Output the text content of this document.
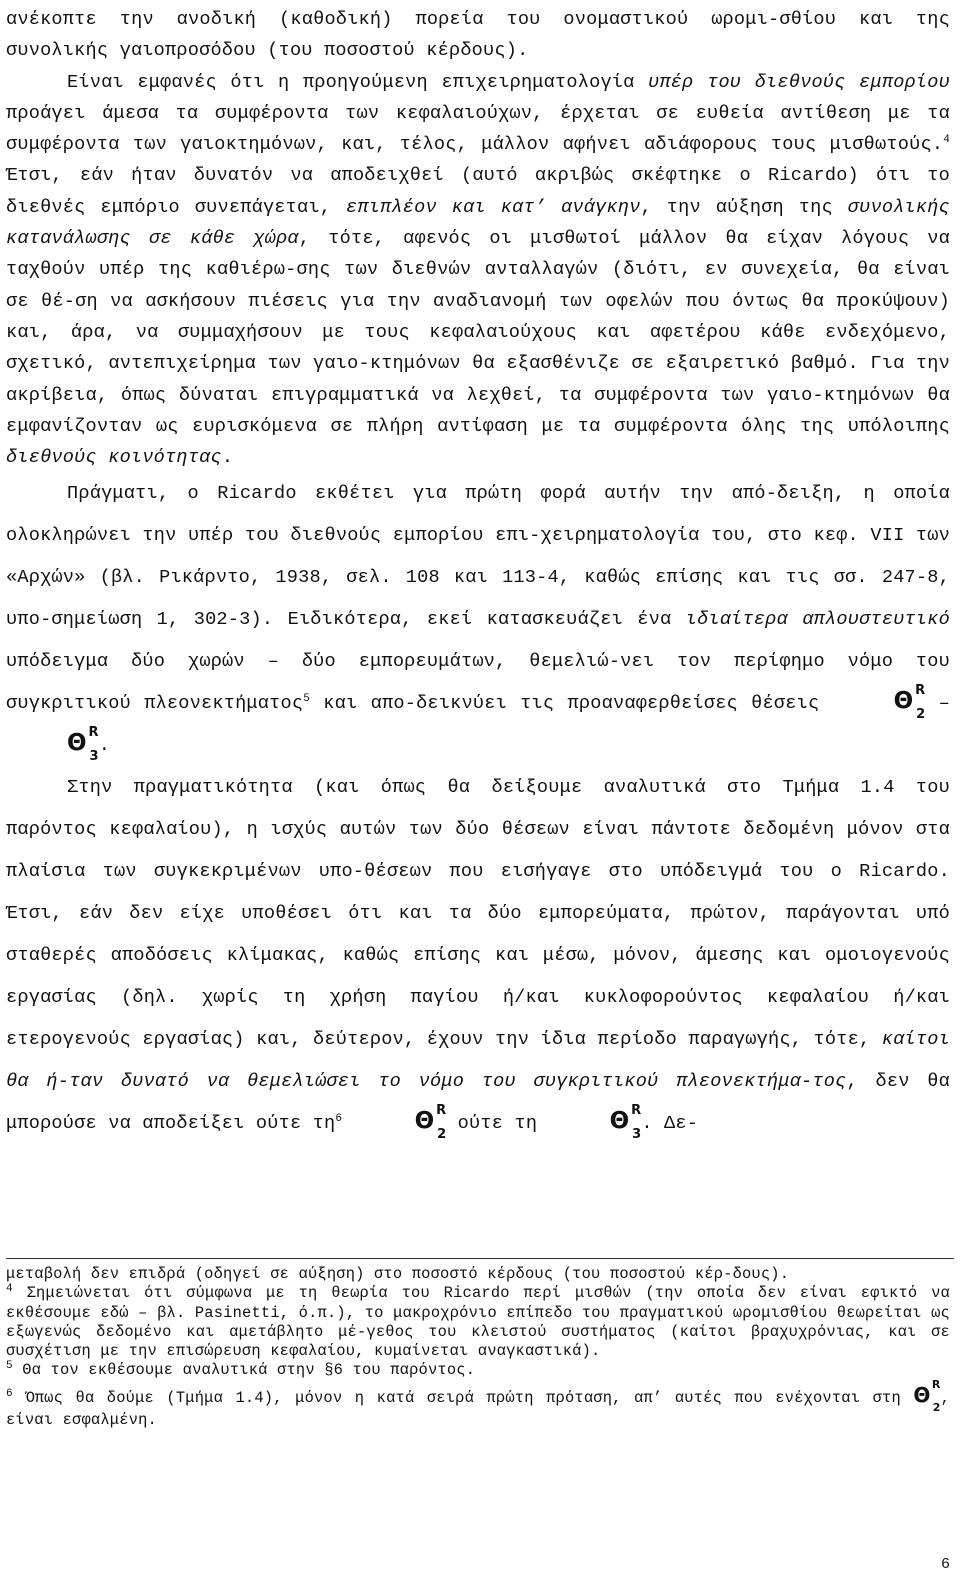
ανέκοπτε την ανοδική (καθοδική) πορεία του ονομαστικού ωρομι-σθίου και της συνολικής γαιοπροσόδου (του ποσοστού κέρδους).

Είναι εμφανές ότι η προηγούμενη επιχειρηματολογία υπέρ του διεθνούς εμπορίου προάγει άμεσα τα συμφέροντα των κεφαλαιούχων, έρχεται σε ευθεία αντίθεση με τα συμφέροντα των γαιοκτημόνων, και, τέλος, μάλλον αφήνει αδιάφορους τους μισθωτούς.$^4$ Έτσι, εάν ήταν δυνατόν να αποδειχθεί (αυτό ακριβώς σκέφτηκε ο Ricardo) ότι το διεθνές εμπόριο συνεπάγεται, επιπλέον και κατ’ ανάγκην, την αύξηση της συνολικής κατανάλωσης σε κάθε χώρα, τότε, αφενός οι μισθωτοί μάλλον θα είχαν λόγους να ταχθούν υπέρ της καθιέρω-σης των διεθνών ανταλλαγών (διότι, εν συνεχεία, θα είναι σε θέ-ση να ασκήσουν πιέσεις για την αναδιανομή των οφελών που όντως θα προκύψουν) και, άρα, να συμμαχήσουν με τους κεφαλαιούχους και αφετέρου κάθε ενδεχόμενο, σχετικό, αντεπιχείρημα των γαιο-κτημόνων θα εξασθένιζε σε εξαιρετικό βαθμό. Για την ακρίβεια, όπως δύναται επιγραμματικά να λεχθεί, τα συμφέροντα των γαιο-κτημόνων θα εμφανίζονταν ως ευρισκόμενα σε πλήρη αντίφαση με τα συμφέροντα όλης της υπόλοιπης διεθνούς κοινότητας.

Πράγματι, ο Ricardo εκθέτει για πρώτη φορά αυτήν την από-δειξη, η οποία ολοκληρώνει την υπέρ του διεθνούς εμπορίου επι-χειρηματολογία του, στο κεφ. VII των «Αρχών» (βλ. Ρικάρντο, 1938, σελ. 108 και 113-4, καθώς επίσης και τις σσ. 247-8, υπο-σημείωση 1, 302-3). Ειδικότερα, εκεί κατασκευάζει ένα ιδιαίτερα απλουστευτικό υπόδειγμα δύο χωρών – δύο εμπορευμάτων, θεμελιώ-νει τον περίφημο νόμο του συγκριτικού πλεονεκτήματος$^5$ και απο-δεικνύει τις προαναφερθείσες θέσεις	Θ R
2
– Θ R
3
.

Στην πραγματικότητα (και όπως θα δείξουμε αναλυτικά στο Τμήμα 1.4 του παρόντος κεφαλαίου), η ισχύς αυτών των δύο θέσεων είναι πάντοτε δεδομένη μόνον στα πλαίσια των συγκεκριμένων υπο-θέσεων που εισήγαγε στο υπόδειγμά του ο Ricardo. Έτσι, εάν δεν είχε υποθέσει ότι και τα δύο εμπορεύματα, πρώτον, παράγονται υπό σταθερές αποδόσεις κλίμακας, καθώς επίσης και μέσω, μόνον, άμεσης και ομοιογενούς εργασίας (δηλ. χωρίς τη χρήση παγίου ή/και κυκλοφορούντος κεφαλαίου ή/και ετερογενούς εργασίας) και, δεύτερον, έχουν την ίδια περίοδο παραγωγής, τότε, καίτοι θα ή-ταν δυνατό να θεμελιώσει το νόμο του συγκριτικού πλεονεκτήμα-τος, δεν θα μπορούσε να αποδείξει ούτε τη$^6$	Θ R
2
ούτε τη	Θ R
3
. Δε-

μεταβολή δεν επιδρά (οδηγεί σε αύξηση) στο ποσοστό κέρδους (του ποσοστού κέρ-δους).

$^4$ Σημειώνεται ότι σύμφωνα με τη θεωρία του Ricardo περί μισθών (την οποία δεν είναι εφικτό να εκθέσουμε εδώ – βλ. Pasinetti, ό.π.), το μακροχρόνιο επίπεδο του πραγματικού ωρομισθίου θεωρείται ως εξωγενώς δεδομένο και αμετάβλητο μέ-γεθος του κλειστού συστήματος (καίτοι βραχυχρόνιας, και σε συσχέτιση με την επισώρευση κεφαλαίου, κυμαίνεται αναγκαστικά).

$^5$ Θα τον εκθέσουμε αναλυτικά στην §6 του παρόντος.

$^6$ Όπως θα δούμε (Τμήμα 1.4), μόνον η κατά σειρά πρώτη πρόταση, απ’ αυτές που ενέχονται στη Θ R
2
, είναι εσφαλμένη.

6
